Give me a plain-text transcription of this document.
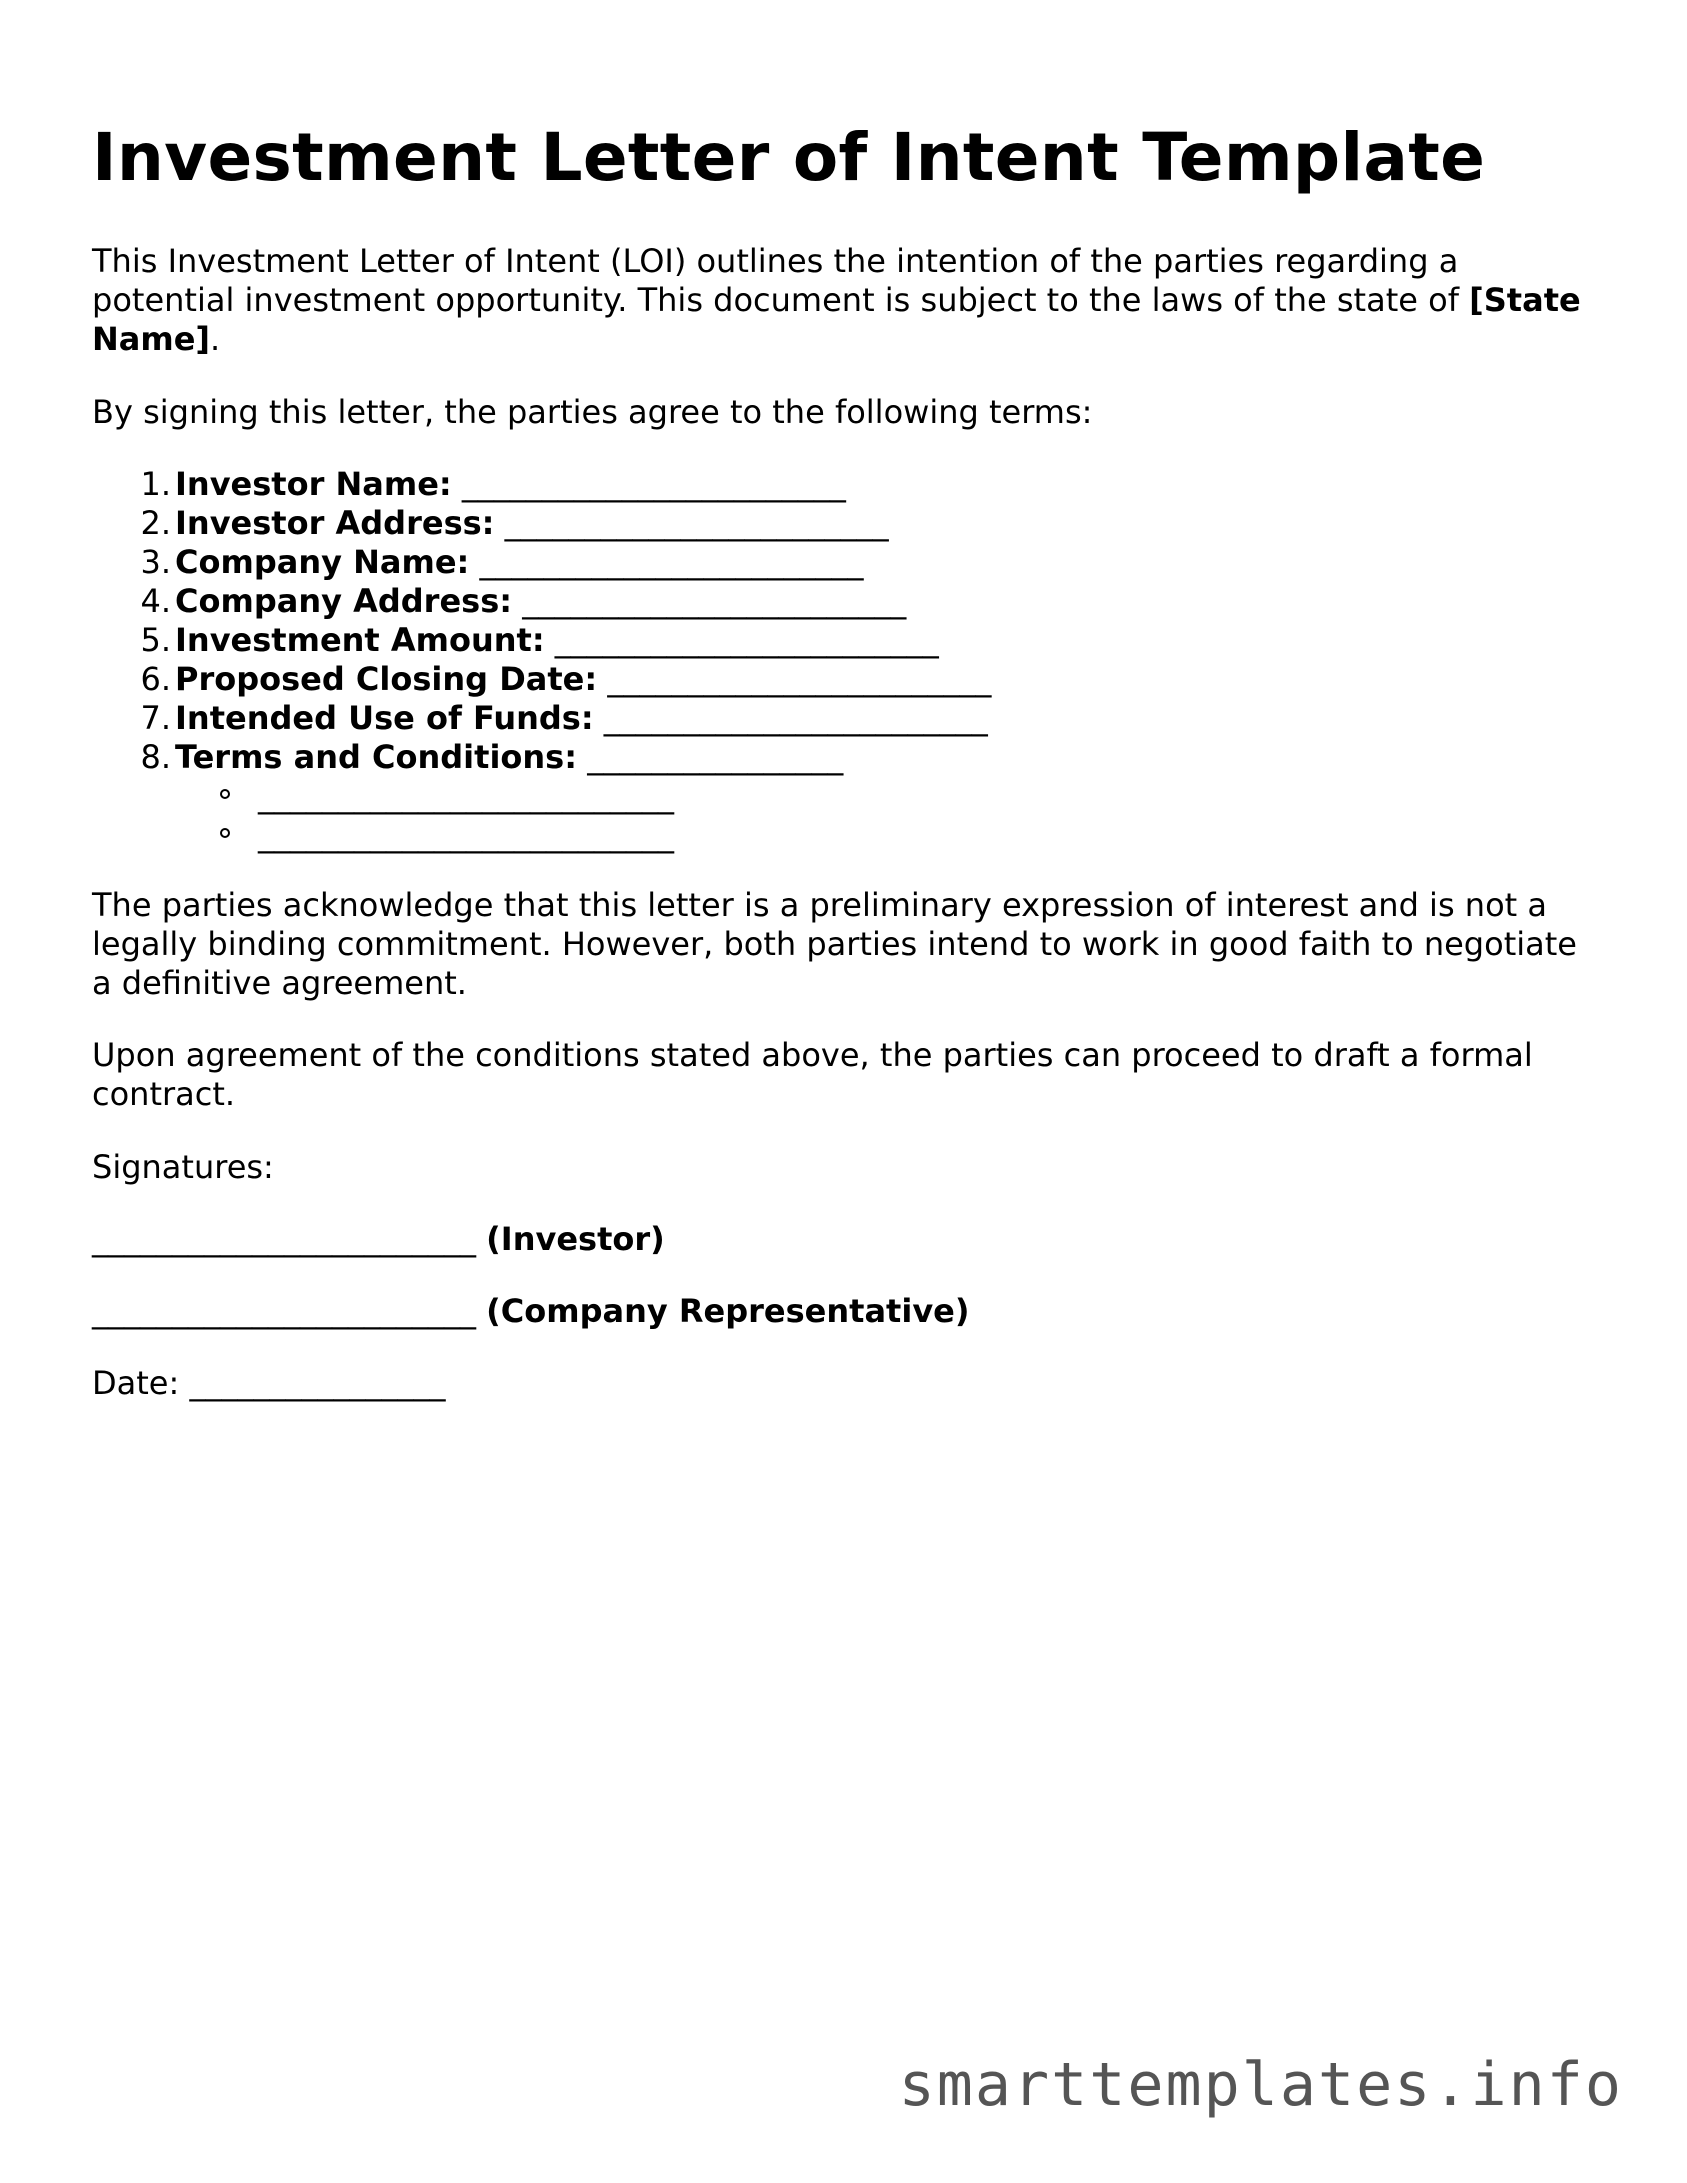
Investment Letter of Intent Template

This Investment Letter of Intent (LOI) outlines the intention of the parties regarding a potential investment opportunity. This document is subject to the laws of the state of [State Name].

By signing this letter, the parties agree to the following terms:

1. Investor Name: ________________________
2. Investor Address: ________________________
3. Company Name: ________________________
4. Company Address: ________________________
5. Investment Amount: ________________________
6. Proposed Closing Date: ________________________
7. Intended Use of Funds: ________________________
8. Terms and Conditions: ________________
__________________________
__________________________

The parties acknowledge that this letter is a preliminary expression of interest and is not a legally binding commitment. However, both parties intend to work in good faith to negotiate a definitive agreement.

Upon agreement of the conditions stated above, the parties can proceed to draft a formal contract.

Signatures:

________________________ (Investor)
________________________ (Company Representative)
Date: ________________
smarttemplates.info
